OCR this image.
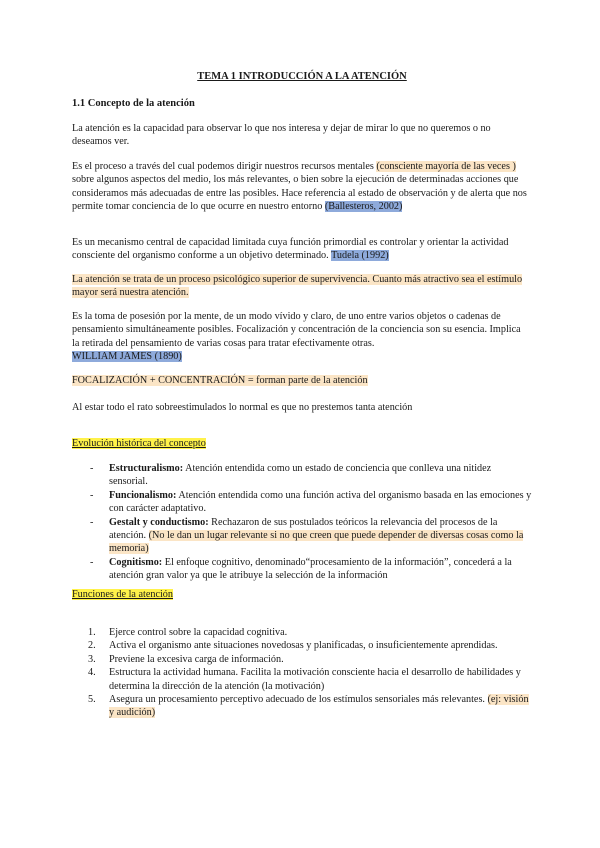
TEMA 1 INTRODUCCIÓN A LA ATENCIÓN
1.1 Concepto de la atención
La atención es la capacidad para observar lo que nos interesa y dejar de mirar lo que no queremos o no deseamos ver.
Es el proceso a través del cual podemos dirigir nuestros recursos mentales (consciente mayoría de las veces ) sobre algunos aspectos del medio, los más relevantes, o bien sobre la ejecución de determinadas acciones que consideramos más adecuadas de entre las posibles. Hace referencia al estado de observación y de alerta que nos permite tomar conciencia de lo que ocurre en nuestro entorno (Ballesteros, 2002)
Es un mecanismo central de capacidad limitada cuya función primordial es controlar y orientar la actividad consciente del organismo conforme a un objetivo determinado. Tudela (1992)
La atención se trata de un proceso psicológico superior de supervivencia. Cuanto más atractivo sea el estímulo mayor será nuestra atención.
Es la toma de posesión por la mente, de un modo vívido y claro, de uno entre varios objetos o cadenas de pensamiento simultáneamente posibles. Focalización y concentración de la conciencia son su esencia. Implica la retirada del pensamiento de varias cosas para tratar efectivamente otras.
WILLIAM JAMES (1890)
FOCALIZACIÓN + CONCENTRACIÓN = forman parte de la atención
Al estar todo el rato sobreestimulados lo normal es que no prestemos tanta atención
Evolución histórica del concepto
- Estructuralismo: Atención entendida como un estado de conciencia que conlleva una nitidez sensorial.
- Funcionalismo: Atención entendida como una función activa del organismo basada en las emociones y con carácter adaptativo.
- Gestalt y conductismo: Rechazaron de sus postulados teóricos la relevancia del procesos de la atención. (No le dan un lugar relevante si no que creen que puede depender de diversas cosas como la memoria)
- Cognitismo: El enfoque cognitivo, denominado“procesamiento de la información”, concederá a la atención gran valor ya que le atribuye la selección de la información
Funciones de la atención
1. Ejerce control sobre la capacidad cognitiva.
2. Activa el organismo ante situaciones novedosas y planificadas, o insuficientemente aprendidas.
3. Previene la excesiva carga de información.
4. Estructura la actividad humana. Facilita la motivación consciente hacia el desarrollo de habilidades y determina la dirección de la atención (la motivación)
5. Asegura un procesamiento perceptivo adecuado de los estímulos sensoriales más relevantes. (ej: visión y audición)
